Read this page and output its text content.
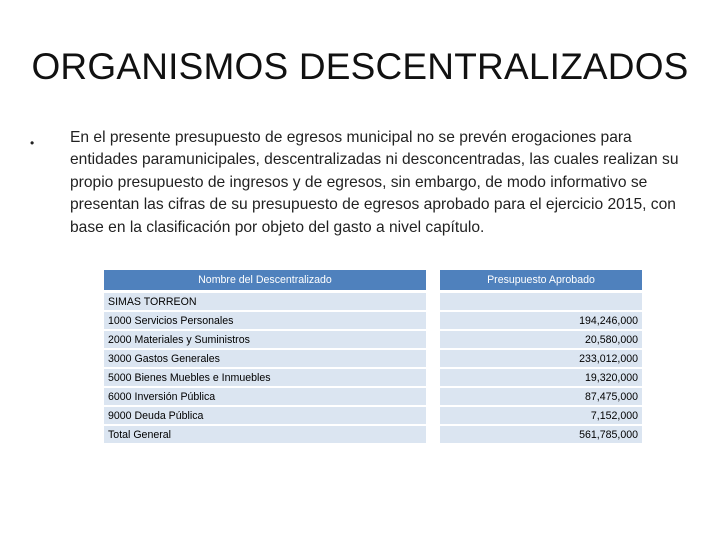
ORGANISMOS DESCENTRALIZADOS
• En el presente presupuesto de egresos municipal no se prevén erogaciones para entidades paramunicipales, descentralizadas ni desconcentradas, las cuales realizan su propio presupuesto de ingresos y de egresos, sin embargo, de modo informativo se presentan las cifras de su presupuesto de egresos aprobado para el ejercicio 2015, con base en la clasificación por objeto del gasto a nivel capítulo.
Nombre del Descentralizado		Presupuesto Aprobado

SIMAS TORREON		
1000 Servicios Personales		194,246,000
2000 Materiales y Suministros		20,580,000
3000 Gastos Generales		233,012,000
5000 Bienes Muebles e Inmuebles		19,320,000
6000 Inversión Pública		87,475,000
9000 Deuda Pública		7,152,000
Total General		561,785,000
